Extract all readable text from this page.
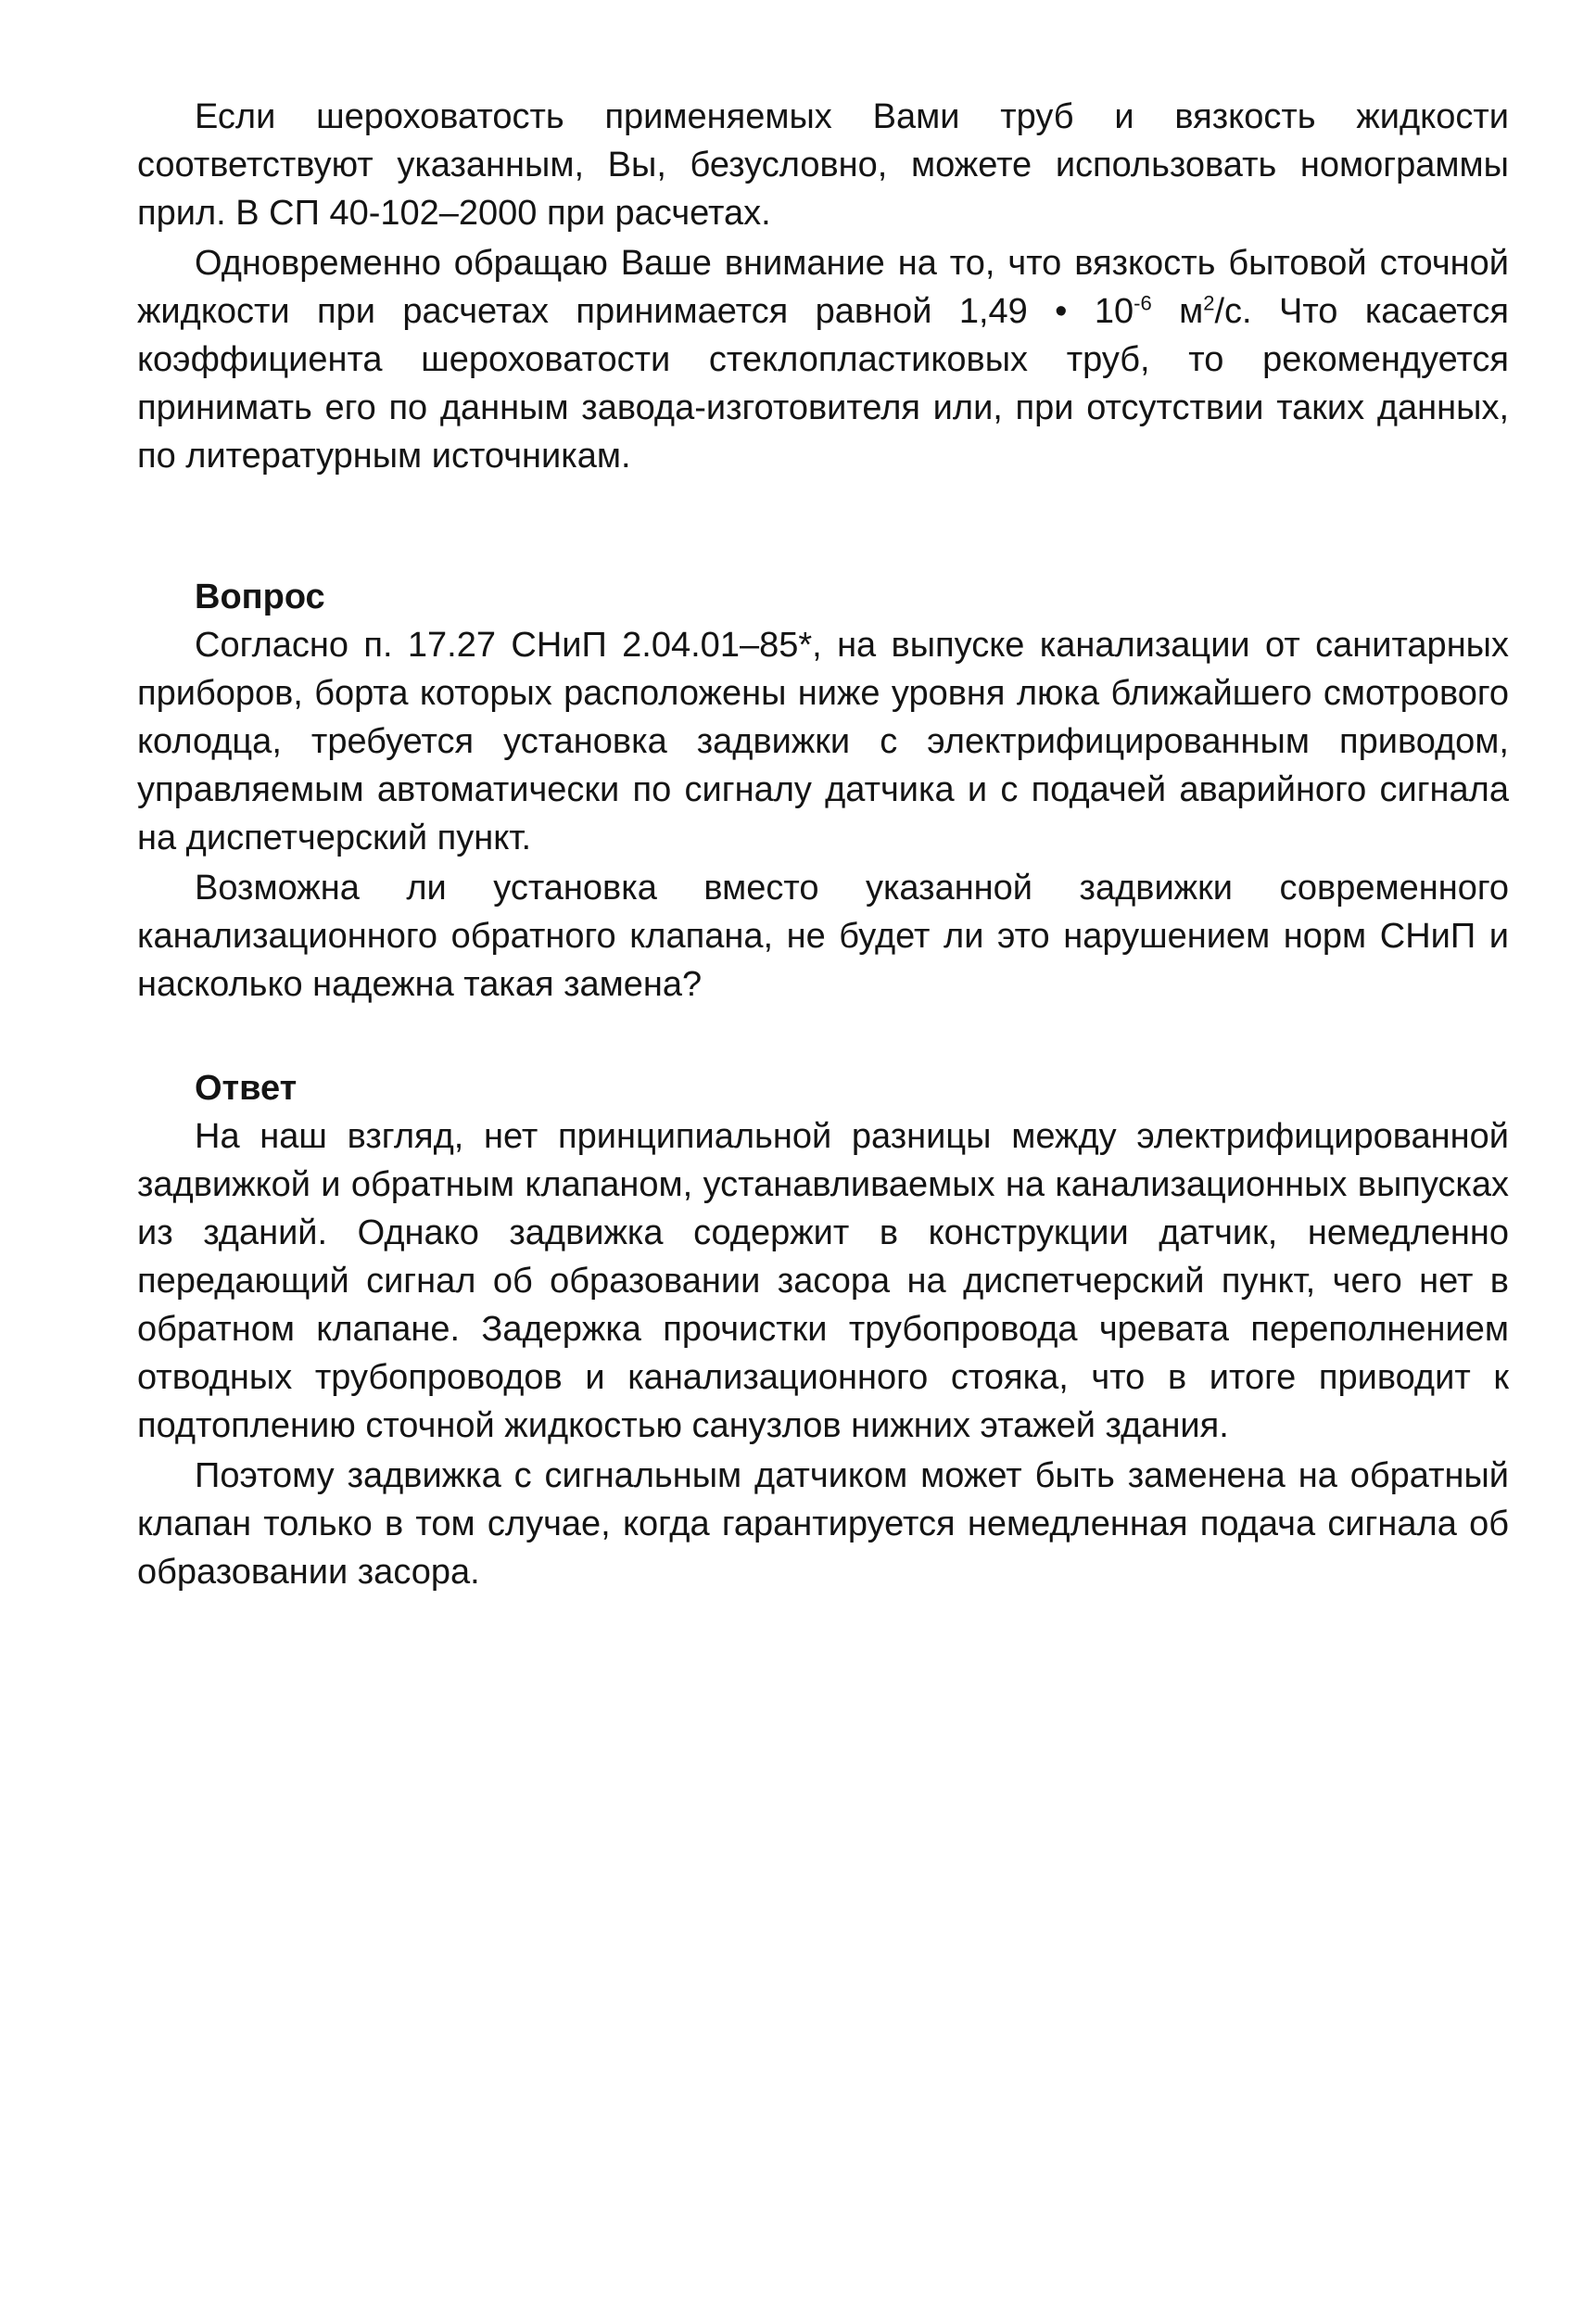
Если шероховатость применяемых Вами труб и вязкость жидкости соответствуют указанным, Вы, безусловно, можете использовать номограммы прил. В СП 40-102–2000 при расчетах.

Одновременно обращаю Ваше внимание на то, что вязкость бытовой сточной жидкости при расчетах принимается равной 1,49 • $10^{-6}$ $м^2/с$. Что касается коэффициента шероховатости стеклопластиковых труб, то рекомендуется принимать его по данным завода-изготовителя или, при отсутствии таких данных, по литературным источникам.

Вопрос

Согласно п. 17.27 СНиП 2.04.01–85*, на выпуске канализации от санитарных приборов, борта которых расположены ниже уровня люка ближайшего смотрового колодца, требуется установка задвижки с электрифицированным приводом, управляемым автоматически по сигналу датчика и с подачей аварийного сигнала на диспетчерский пункт.

Возможна ли установка вместо указанной задвижки современного канализационного обратного клапана, не будет ли это нарушением норм СНиП и насколько надежна такая замена?

Ответ

На наш взгляд, нет принципиальной разницы между электрифицированной задвижкой и обратным клапаном, устанавливаемых на канализационных выпусках из зданий. Однако задвижка содержит в конструкции датчик, немедленно передающий сигнал об образовании засора на диспетчерский пункт, чего нет в обратном клапане. Задержка прочистки трубопровода чревата переполнением отводных трубопроводов и канализационного стояка, что в итоге приводит к подтоплению сточной жидкостью санузлов нижних этажей здания.

Поэтому задвижка с сигнальным датчиком может быть заменена на обратный клапан только в том случае, когда гарантируется немедленная подача сигнала об образовании засора.
